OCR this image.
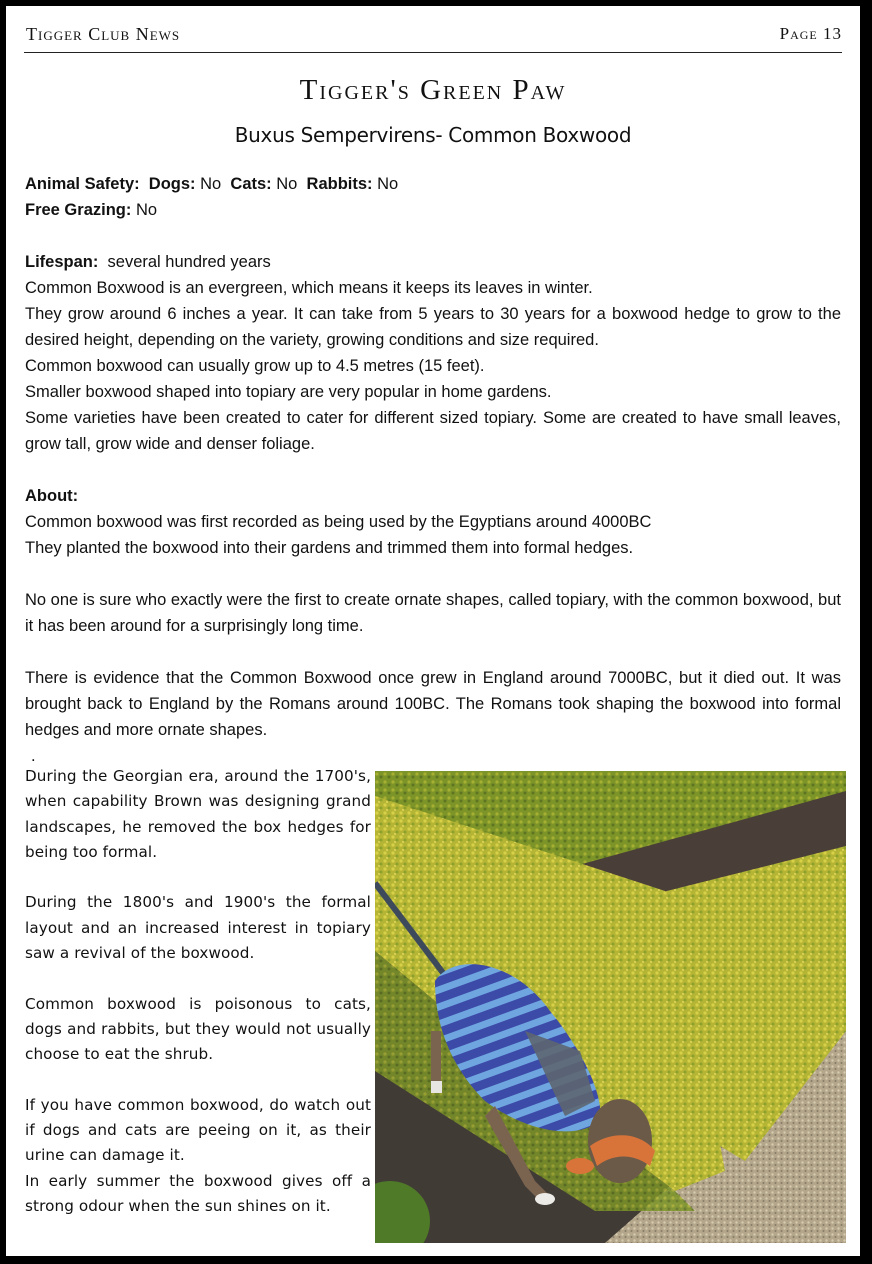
Tigger Club News	Page 13
Tigger's Green Paw
Buxus Sempervirens- Common Boxwood

Animal Safety: Dogs: No Cats: No Rabbits: No

Free Grazing: No

Lifespan: several hundred years

Common Boxwood is an evergreen, which means it keeps its leaves in winter.

They grow around 6 inches a year. It can take from 5 years to 30 years for a boxwood hedge to grow to the desired height, depending on the variety, growing conditions and size required.

Common boxwood can usually grow up to 4.5 metres (15 feet).

Smaller boxwood shaped into topiary are very popular in home gardens.

Some varieties have been created to cater for different sized topiary. Some are created to have small leaves, grow tall, grow wide and denser foliage.

About:

Common boxwood was first recorded as being used by the Egyptians around 4000BC

They planted the boxwood into their gardens and trimmed them into formal hedges.

No one is sure who exactly were the first to create ornate shapes, called topiary, with the common boxwood, but it has been around for a surprisingly long time.

There is evidence that the Common Boxwood once grew in England around 7000BC, but it died out. It was brought back to England by the Romans around 100BC. The Romans took shaping the boxwood into formal hedges and more ornate shapes.

.

During the Georgian era, around the 1700's, when capability Brown was designing grand landscapes, he removed the box hedges for being too formal.

During the 1800's and 1900's the formal layout and an increased interest in topiary saw a revival of the boxwood.

Common boxwood is poisonous to cats, dogs and rabbits, but they would not usually choose to eat the shrub.

If you have common boxwood, do watch out if dogs and cats are peeing on it, as their urine can damage it.

In early summer the boxwood gives off a strong odour when the sun shines on it.
